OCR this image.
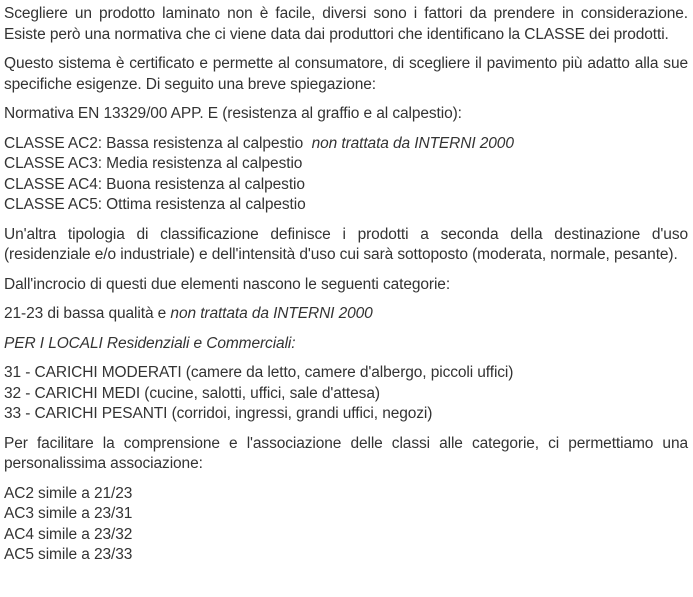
Scegliere un prodotto laminato non è facile, diversi sono i fattori da prendere in considerazione. Esiste però una normativa che ci viene data dai produttori che identificano la CLASSE dei prodotti.

Questo sistema è certificato e permette al consumatore, di scegliere il pavimento più adatto alla sue specifiche esigenze. Di seguito una breve spiegazione:

Normativa EN 13329/00 APP. E (resistenza al graffio e al calpestio):

CLASSE AC2: Bassa resistenza al calpestio non trattata da INTERNI 2000
CLASSE AC3: Media resistenza al calpestio
CLASSE AC4: Buona resistenza al calpestio
CLASSE AC5: Ottima resistenza al calpestio

Un'altra tipologia di classificazione definisce i prodotti a seconda della destinazione d'uso (residenziale e/o industriale) e dell'intensità d'uso cui sarà sottoposto (moderata, normale, pesante).

Dall'incrocio di questi due elementi nascono le seguenti categorie:

21-23 di bassa qualità e non trattata da INTERNI 2000

PER I LOCALI Residenziali e Commerciali:

31 - CARICHI MODERATI (camere da letto, camere d'albergo, piccoli uffici)
32 - CARICHI MEDI (cucine, salotti, uffici, sale d'attesa)
33 - CARICHI PESANTI (corridoi, ingressi, grandi uffici, negozi)

Per facilitare la comprensione e l'associazione delle classi alle categorie, ci permettiamo una personalissima associazione:

AC2 simile a 21/23
AC3 simile a 23/31
AC4 simile a 23/32
AC5 simile a 23/33
